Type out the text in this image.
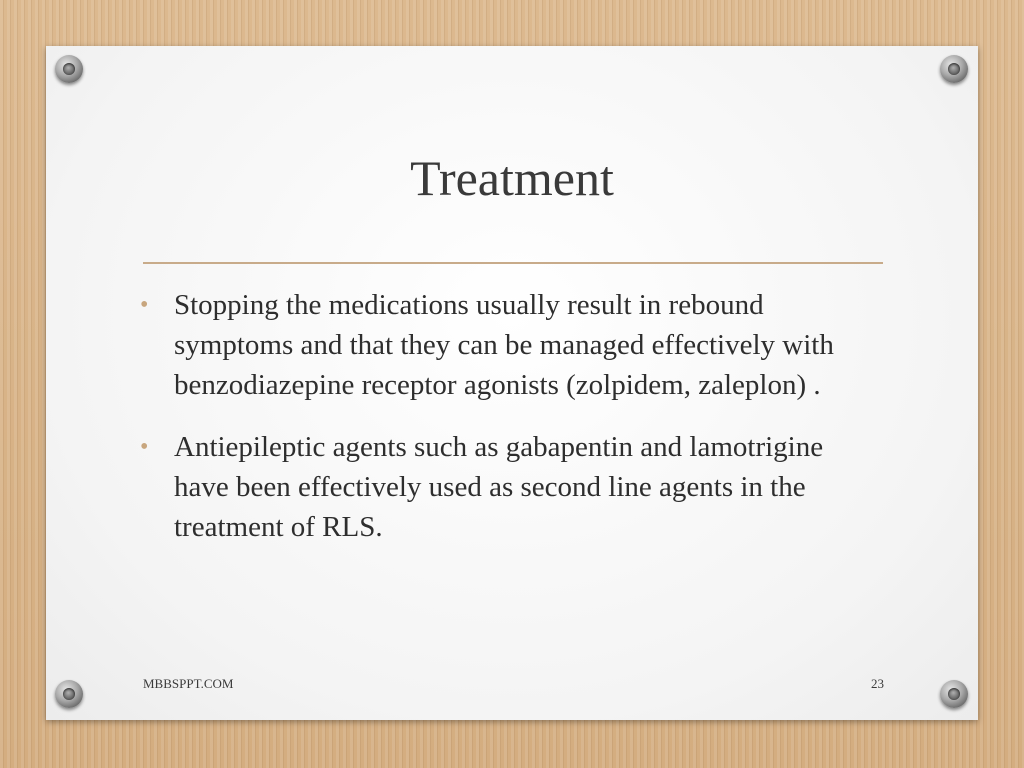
Treatment
• Stopping the medications usually result in rebound symptoms and that they can be managed effectively with benzodiazepine receptor agonists (zolpidem, zaleplon) .
• Antiepileptic agents such as gabapentin and lamotrigine have been effectively used as second line agents in the treatment of RLS.
MBBSPPT.COM	23
